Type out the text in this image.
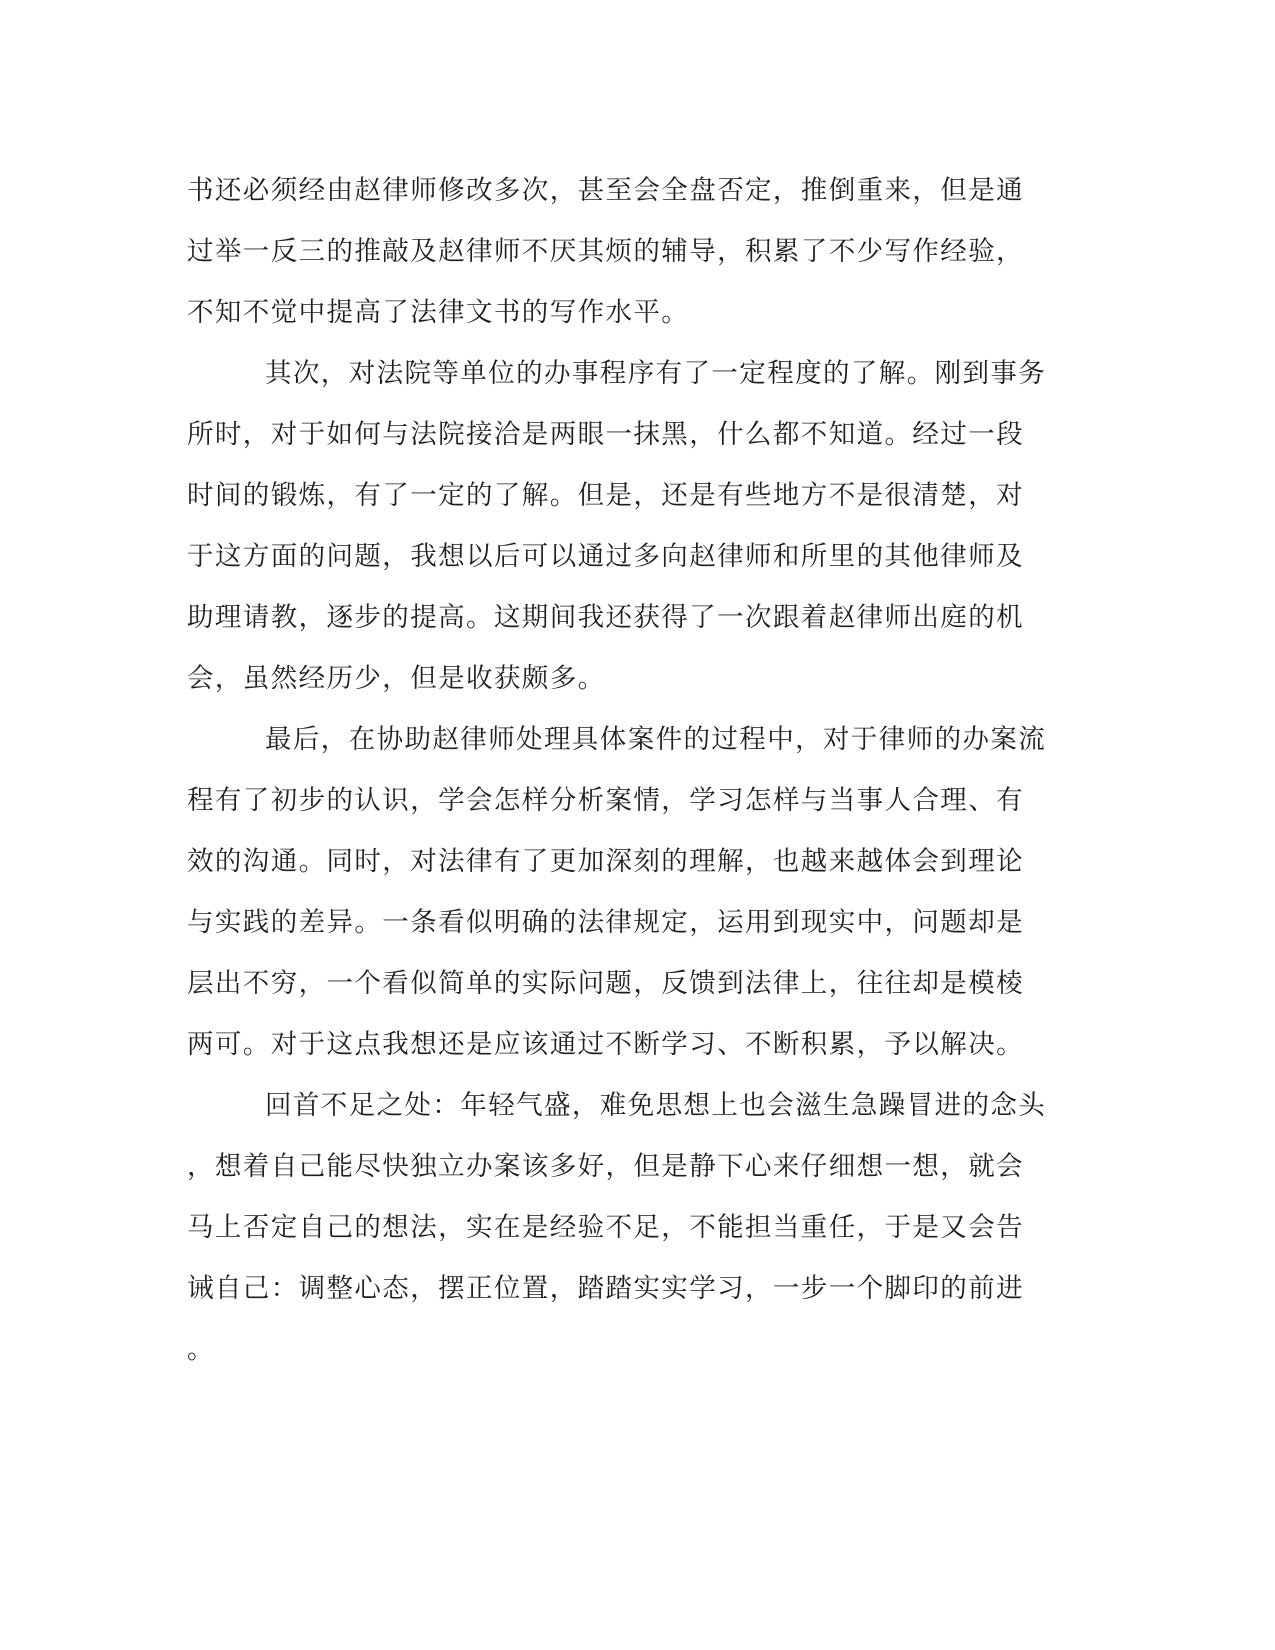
书还必须经由赵律师修改多次，甚至会全盘否定，推倒重来，但是通
过举一反三的推敲及赵律师不厌其烦的辅导，积累了不少写作经验，
不知不觉中提高了法律文书的写作水平。
其次，对法院等单位的办事程序有了一定程度的了解。刚到事务
所时，对于如何与法院接洽是两眼一抹黑，什么都不知道。经过一段
时间的锻炼，有了一定的了解。但是，还是有些地方不是很清楚，对
于这方面的问题，我想以后可以通过多向赵律师和所里的其他律师及
助理请教，逐步的提高。这期间我还获得了一次跟着赵律师出庭的机
会，虽然经历少，但是收获颇多。
最后，在协助赵律师处理具体案件的过程中，对于律师的办案流
程有了初步的认识，学会怎样分析案情，学习怎样与当事人合理、有
效的沟通。同时，对法律有了更加深刻的理解，也越来越体会到理论
与实践的差异。一条看似明确的法律规定，运用到现实中，问题却是
层出不穷，一个看似简单的实际问题，反馈到法律上，往往却是模棱
两可。对于这点我想还是应该通过不断学习、不断积累，予以解决。
回首不足之处：年轻气盛，难免思想上也会滋生急躁冒进的念头
，想着自己能尽快独立办案该多好，但是静下心来仔细想一想，就会
马上否定自己的想法，实在是经验不足，不能担当重任，于是又会告
诫自己：调整心态，摆正位置，踏踏实实学习，一步一个脚印的前进
。
